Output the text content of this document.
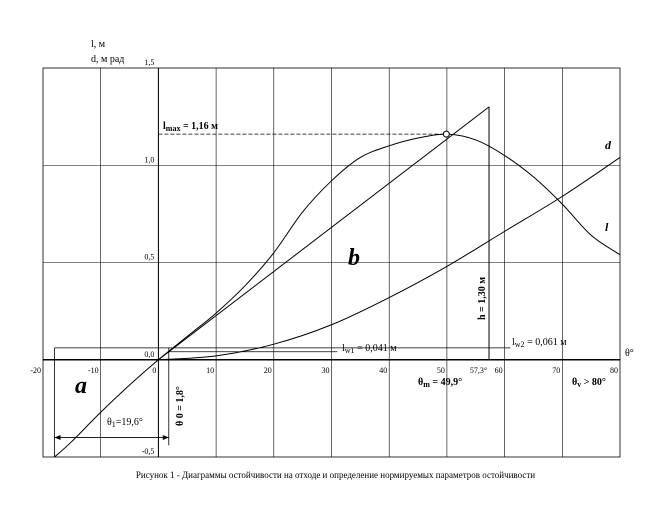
-20	-10	0	10	20	30	40	50	57,3° 60	70	80
-0,5
0,0
0,5
1,0
1,5
l, м
d, м рад
θ°
a
b
d
l
$l_{max} = 1,16$ м
h = 1,30 м
$l_{w1} = 0,041$ м
$l_{w2} = 0,061$ м
$\theta_m = 49,9^\circ$	$\theta_v > 80^\circ$
$\theta_1=19,6^\circ$	θ 0 = 1,8°
Рисунок 1 - Диаграммы остойчивости на отходе и определение нормируемых параметров остойчивости
